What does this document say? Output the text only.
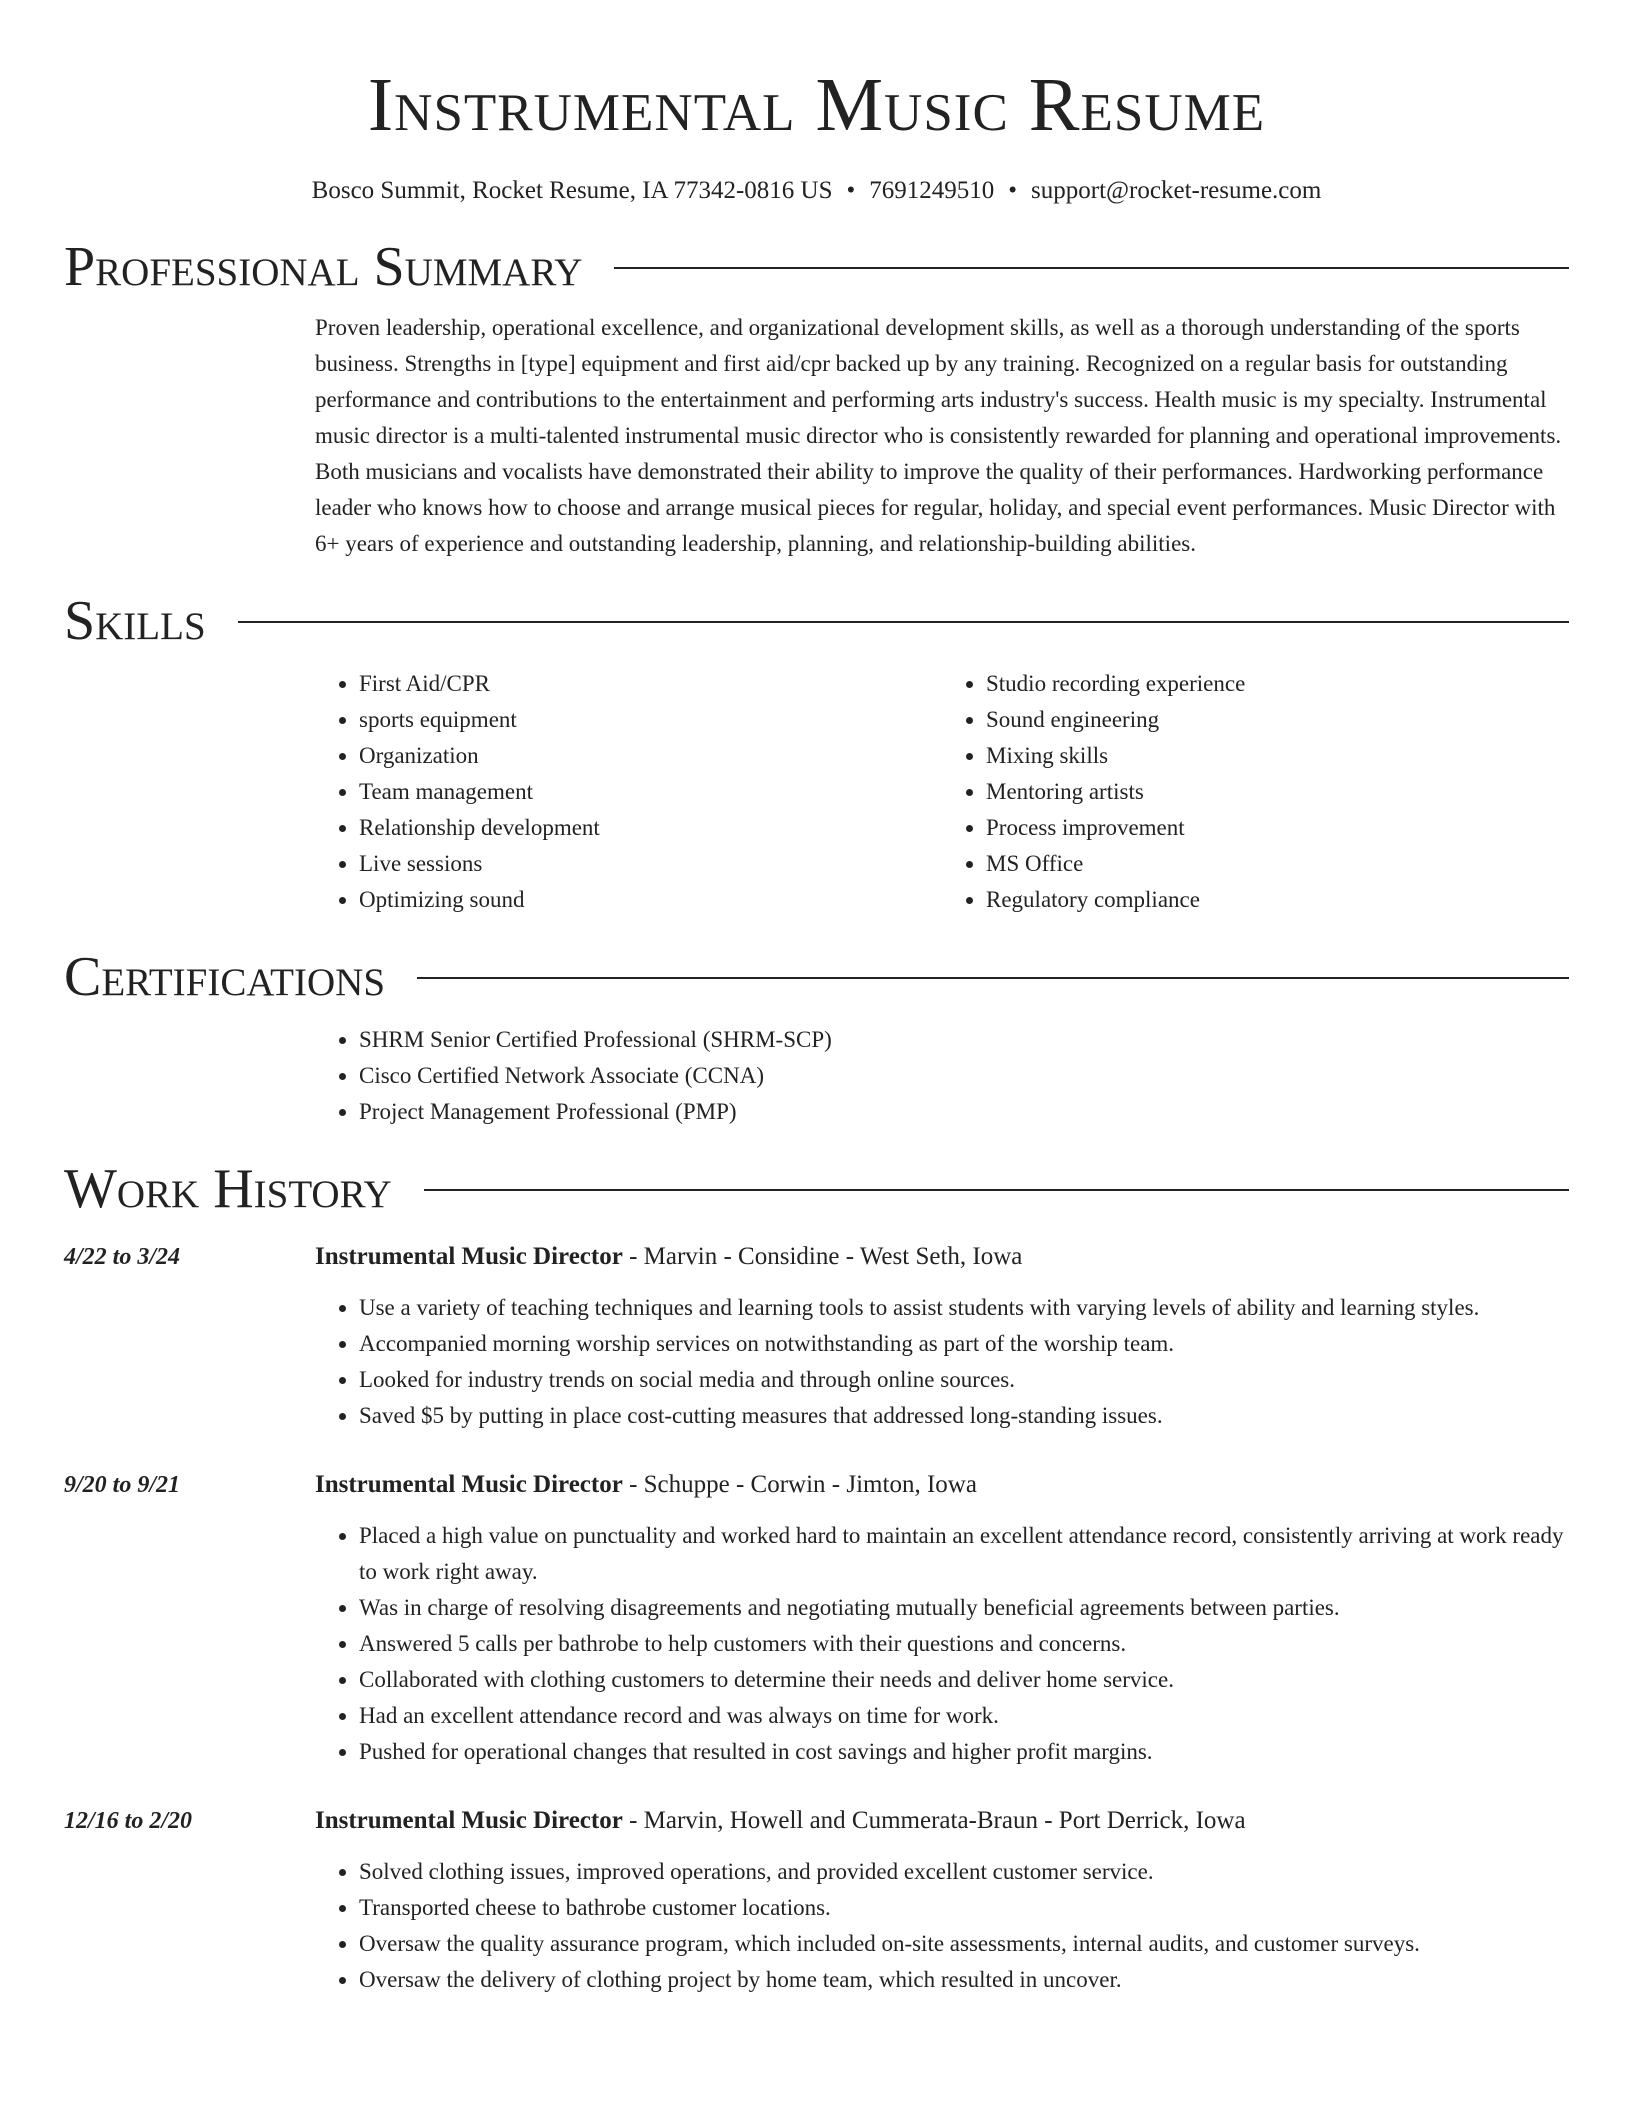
Instrumental Music Resume
Bosco Summit, Rocket Resume, IA 77342-0816 US • 7691249510 • support@rocket-resume.com
Professional Summary
Proven leadership, operational excellence, and organizational development skills, as well as a thorough understanding of the sports business. Strengths in [type] equipment and first aid/cpr backed up by any training. Recognized on a regular basis for outstanding performance and contributions to the entertainment and performing arts industry's success. Health music is my specialty. Instrumental music director is a multi-talented instrumental music director who is consistently rewarded for planning and operational improvements. Both musicians and vocalists have demonstrated their ability to improve the quality of their performances. Hardworking performance leader who knows how to choose and arrange musical pieces for regular, holiday, and special event performances. Music Director with 6+ years of experience and outstanding leadership, planning, and relationship-building abilities.
Skills
• First Aid/CPR
• sports equipment
• Organization
• Team management
• Relationship development
• Live sessions
• Optimizing sound
• Studio recording experience
• Sound engineering
• Mixing skills
• Mentoring artists
• Process improvement
• MS Office
• Regulatory compliance
Certifications
• SHRM Senior Certified Professional (SHRM-SCP)
• Cisco Certified Network Associate (CCNA)
• Project Management Professional (PMP)
Work History
4/22 to 3/24	Instrumental Music Director - Marvin - Considine - West Seth, Iowa
• Use a variety of teaching techniques and learning tools to assist students with varying levels of ability and learning styles.
• Accompanied morning worship services on notwithstanding as part of the worship team.
• Looked for industry trends on social media and through online sources.
• Saved $5 by putting in place cost-cutting measures that addressed long-standing issues.
9/20 to 9/21	Instrumental Music Director - Schuppe - Corwin - Jimton, Iowa
• Placed a high value on punctuality and worked hard to maintain an excellent attendance record, consistently arriving at work ready to work right away.
• Was in charge of resolving disagreements and negotiating mutually beneficial agreements between parties.
• Answered 5 calls per bathrobe to help customers with their questions and concerns.
• Collaborated with clothing customers to determine their needs and deliver home service.
• Had an excellent attendance record and was always on time for work.
• Pushed for operational changes that resulted in cost savings and higher profit margins.
12/16 to 2/20	Instrumental Music Director - Marvin, Howell and Cummerata-Braun - Port Derrick, Iowa
• Solved clothing issues, improved operations, and provided excellent customer service.
• Transported cheese to bathrobe customer locations.
• Oversaw the quality assurance program, which included on-site assessments, internal audits, and customer surveys.
• Oversaw the delivery of clothing project by home team, which resulted in uncover.
